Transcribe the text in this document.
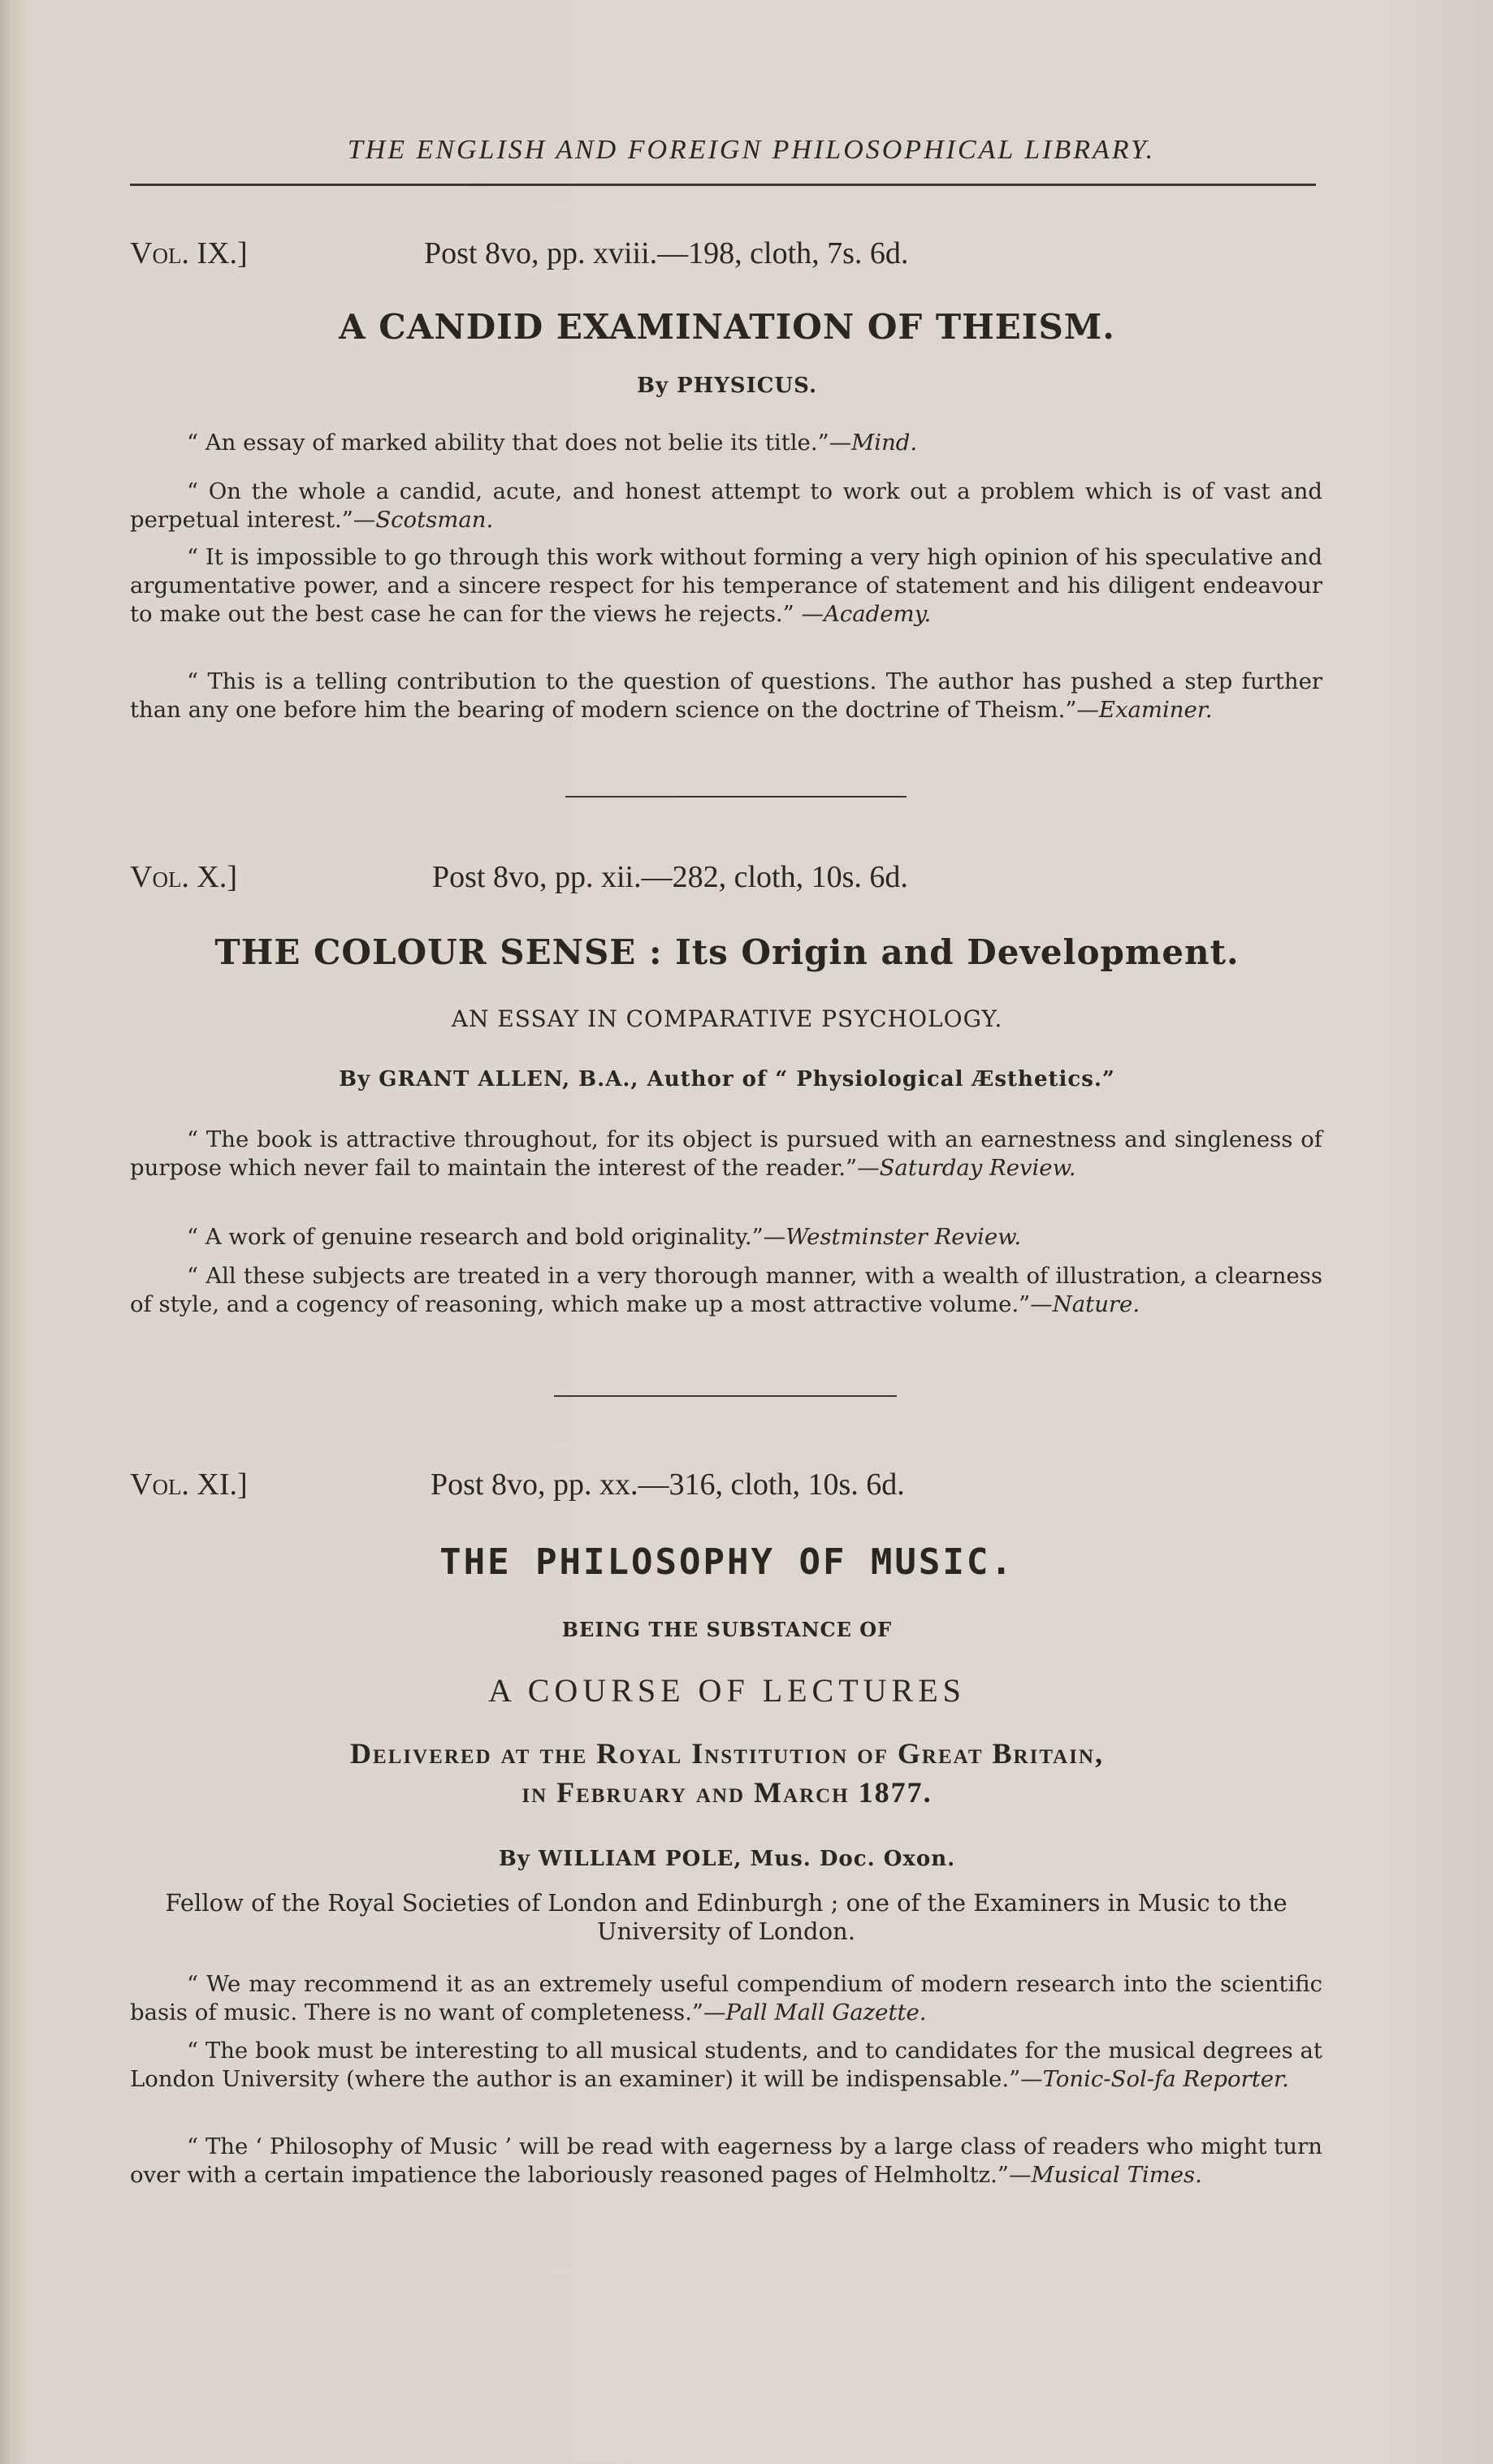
THE ENGLISH AND FOREIGN PHILOSOPHICAL LIBRARY.
Vol. IX.]	Post 8vo, pp. xviii.—198, cloth, 7s. 6d.
A CANDID EXAMINATION OF THEISM.
By PHYSICUS.
“ An essay of marked ability that does not belie its title.”—Mind.
“ On the whole a candid, acute, and honest attempt to work out a problem which is of vast and perpetual interest.”—Scotsman.
“ It is impossible to go through this work without forming a very high opinion of his speculative and argumentative power, and a sincere respect for his temperance of statement and his diligent endeavour to make out the best case he can for the views he rejects.” —Academy.
“ This is a telling contribution to the question of questions. The author has pushed a step further than any one before him the bearing of modern science on the doctrine of Theism.”—Examiner.
Vol. X.]	Post 8vo, pp. xii.—282, cloth, 10s. 6d.
THE COLOUR SENSE : Its Origin and Development.
AN ESSAY IN COMPARATIVE PSYCHOLOGY.
By GRANT ALLEN, B.A., Author of “ Physiological Æsthetics.”
“ The book is attractive throughout, for its object is pursued with an earnestness and singleness of purpose which never fail to maintain the interest of the reader.”—Saturday Review.
“ A work of genuine research and bold originality.”—Westminster Review.
“ All these subjects are treated in a very thorough manner, with a wealth of illustration, a clearness of style, and a cogency of reasoning, which make up a most attractive volume.”—Nature.
Vol. XI.]	Post 8vo, pp. xx.—316, cloth, 10s. 6d.
THE PHILOSOPHY OF MUSIC.
BEING THE SUBSTANCE OF
A COURSE OF LECTURES
Delivered at the Royal Institution of Great Britain,
in February and March 1877.
By WILLIAM POLE, Mus. Doc. Oxon.
Fellow of the Royal Societies of London and Edinburgh ; one of the Examiners in Music to the University of London.
“ We may recommend it as an extremely useful compendium of modern research into the scientific basis of music. There is no want of completeness.”—Pall Mall Gazette.
“ The book must be interesting to all musical students, and to candidates for the musical degrees at London University (where the author is an examiner) it will be indispensable.”—Tonic-Sol-fa Reporter.
“ The ‘ Philosophy of Music ’ will be read with eagerness by a large class of readers who might turn over with a certain impatience the laboriously reasoned pages of Helmholtz.”—Musical Times.
